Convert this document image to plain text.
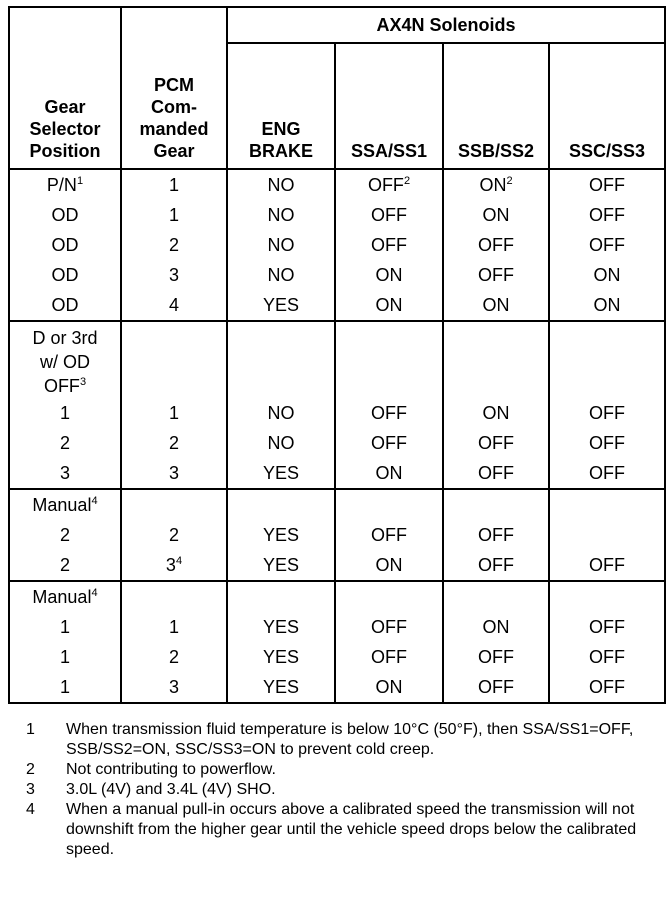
Gear Selector Position	PCM Com- manded Gear	AX4N Solenoids			

		ENG BRAKE	SSA/SS1	SSB/SS2	SSC/SS3
$P/N^1$	1	NO	OFF$^2$	$ON^2$	OFF
OD	1	NO	OFF	ON	OFF
OD	2	NO	OFF	OFF	OFF
OD	3	NO	ON	OFF	ON
OD	4	YES	ON	ON	ON

D or 3rd
w/ OD
OFF$^3$

1	1	NO	OFF	ON	OFF
2	2	NO	OFF	OFF	OFF
3	3	YES	ON	OFF	OFF

Manual$^4$

2	2	YES	OFF	OFF	
2	$3^4$	YES	ON	OFF	OFF

Manual$^4$

1	1	YES	OFF	ON	OFF
1	2	YES	OFF	OFF	OFF
1	3	YES	ON	OFF	OFF
1	When transmission fluid temperature is below 10°C (50°F), then SSA/SS1=OFF, SSB/SS2=ON, SSC/SS3=ON to prevent cold creep.
2	Not contributing to powerflow.
3	3.0L (4V) and 3.4L (4V) SHO.
4	When a manual pull-in occurs above a calibrated speed the transmission will not downshift from the higher gear until the vehicle speed drops below the calibrated speed.
